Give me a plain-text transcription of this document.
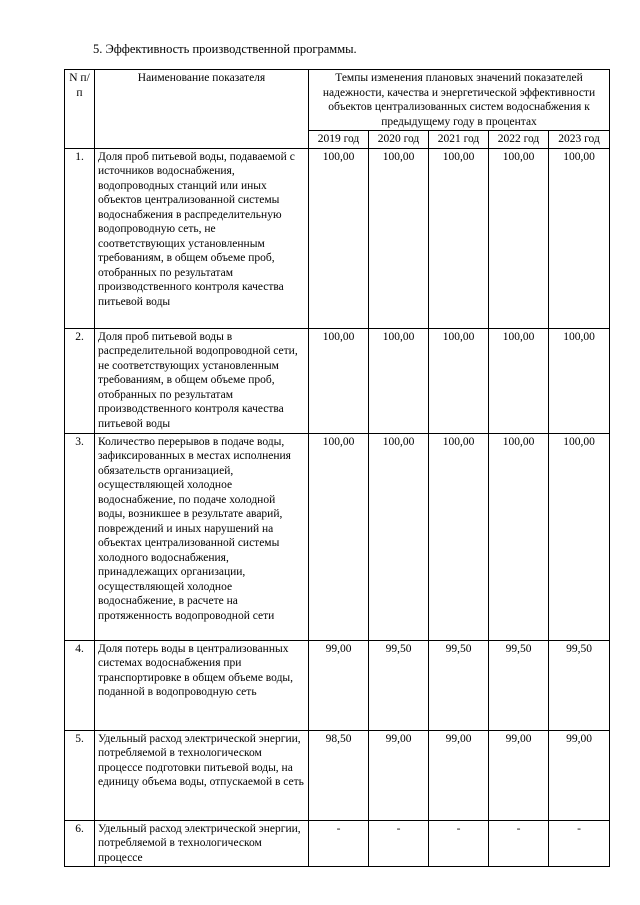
5. Эффективность производственной программы.
N п/п	Наименование показателя	Темпы изменения плановых значений показателей надежности, качества и энергетической эффективности объектов централизованных систем водоснабжения к предыдущему году в процентах				
		2019 год	2020 год	2021 год	2022 год	2023 год
1.	Доля проб питьевой воды, подаваемой с источников водоснабжения, водопроводных станций или иных объектов централизованной системы водоснабжения в распределительную водопроводную сеть, не соответствующих установленным требованиям, в общем объеме проб, отобранных по результатам производственного контроля качества питьевой воды	100,00	100,00	100,00	100,00	100,00
2.	Доля проб питьевой воды в распределительной водопроводной сети, не соответствующих установленным требованиям, в общем объеме проб, отобранных по результатам производственного контроля качества питьевой воды	100,00	100,00	100,00	100,00	100,00
3.	Количество перерывов в подаче воды, зафиксированных в местах исполнения обязательств организацией, осуществляющей холодное водоснабжение, по подаче холодной воды, возникшее в результате аварий, повреждений и иных нарушений на объектах централизованной системы холодного водоснабжения, принадлежащих организации, осуществляющей холодное водоснабжение, в расчете на протяженность водопроводной сети	100,00	100,00	100,00	100,00	100,00
4.	Доля потерь воды в централизованных системах водоснабжения при транспортировке в общем объеме воды, поданной в водопроводную сеть	99,00	99,50	99,50	99,50	99,50
5.	Удельный расход электрической энергии, потребляемой в технологическом процессе подготовки питьевой воды, на единицу объема воды, отпускаемой в сеть	98,50	99,00	99,00	99,00	99,00
6.	Удельный расход электрической энергии, потребляемой в технологическом процессе	-	-	-	-	-
